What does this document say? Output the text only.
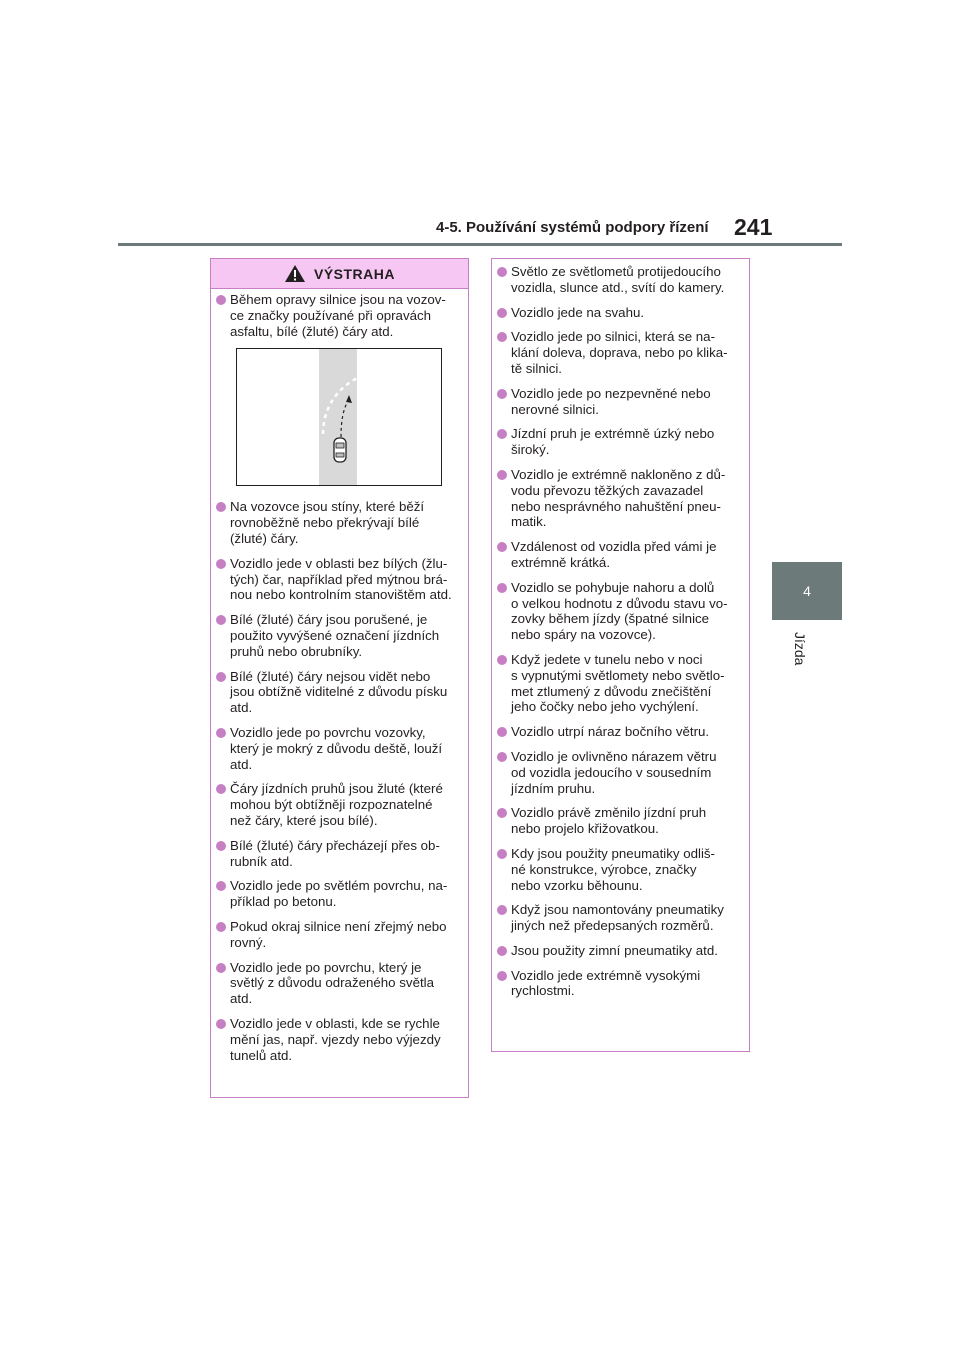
4-5. Používání systémů podpory řízení 241
4
Jízda
VÝSTRAHA
Během opravy silnice jsou na vozov-
ce značky používané při opravách
asfaltu, bílé (žluté) čáry atd.
Na vozovce jsou stíny, které běží
rovnoběžně nebo překrývají bílé
(žluté) čáry.
Vozidlo jede v oblasti bez bílých (žlu-
tých) čar, například před mýtnou brá-
nou nebo kontrolním stanovištěm atd.
Bílé (žluté) čáry jsou porušené, je
použito vyvýšené označení jízdních
pruhů nebo obrubníky.
Bílé (žluté) čáry nejsou vidět nebo
jsou obtížně viditelné z důvodu písku
atd.
Vozidlo jede po povrchu vozovky,
který je mokrý z důvodu deště, louží
atd.
Čáry jízdních pruhů jsou žluté (které
mohou být obtížněji rozpoznatelné
než čáry, které jsou bílé).
Bílé (žluté) čáry přecházejí přes ob-
rubník atd.
Vozidlo jede po světlém povrchu, na-
příklad po betonu.
Pokud okraj silnice není zřejmý nebo
rovný.
Vozidlo jede po povrchu, který je
světlý z důvodu odraženého světla
atd.
Vozidlo jede v oblasti, kde se rychle
mění jas, např. vjezdy nebo výjezdy
tunelů atd.
Světlo ze světlometů protijedoucího
vozidla, slunce atd., svítí do kamery.
Vozidlo jede na svahu.
Vozidlo jede po silnici, která se na-
klání doleva, doprava, nebo po klika-
tě silnici.
Vozidlo jede po nezpevněné nebo
nerovné silnici.
Jízdní pruh je extrémně úzký nebo
široký.
Vozidlo je extrémně nakloněno z dů-
vodu převozu těžkých zavazadel
nebo nesprávného nahuštění pneu-
matik.
Vzdálenost od vozidla před vámi je
extrémně krátká.
Vozidlo se pohybuje nahoru a dolů
o velkou hodnotu z důvodu stavu vo-
zovky během jízdy (špatné silnice
nebo spáry na vozovce).
Když jedete v tunelu nebo v noci
s vypnutými světlomety nebo světlo-
met ztlumený z důvodu znečištění
jeho čočky nebo jeho vychýlení.
Vozidlo utrpí náraz bočního větru.
Vozidlo je ovlivněno nárazem větru
od vozidla jedoucího v sousedním
jízdním pruhu.
Vozidlo právě změnilo jízdní pruh
nebo projelo křižovatkou.
Kdy jsou použity pneumatiky odliš-
né konstrukce, výrobce, značky
nebo vzorku běhounu.
Když jsou namontovány pneumatiky
jiných než předepsaných rozměrů.
Jsou použity zimní pneumatiky atd.
Vozidlo jede extrémně vysokými
rychlostmi.
